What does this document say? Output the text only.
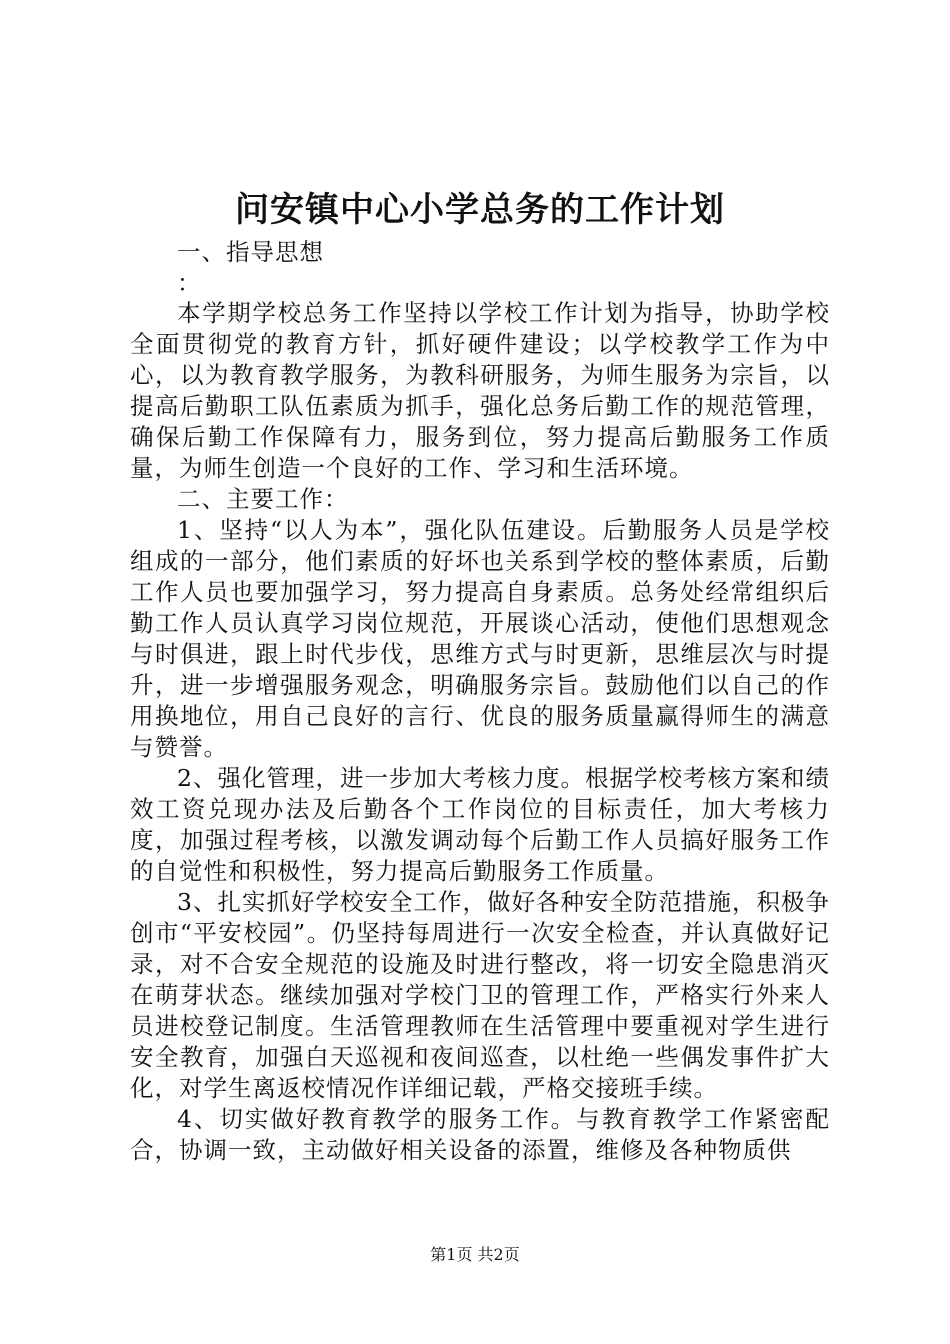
问安镇中心小学总务的工作计划

一、指导思想

：

本学期学校总务工作坚持以学校工作计划为指导，协助学校全面贯彻党的教育方针，抓好硬件建设；以学校教学工作为中心，以为教育教学服务，为教科研服务，为师生服务为宗旨，以提高后勤职工队伍素质为抓手，强化总务后勤工作的规范管理，确保后勤工作保障有力，服务到位，努力提高后勤服务工作质量，为师生创造一个良好的工作、学习和生活环境。

二、主要工作：

1、坚持“以人为本”，强化队伍建设。后勤服务人员是学校组成的一部分，他们素质的好坏也关系到学校的整体素质，后勤工作人员也要加强学习，努力提高自身素质。总务处经常组织后勤工作人员认真学习岗位规范，开展谈心活动，使他们思想观念与时俱进，跟上时代步伐，思维方式与时更新，思维层次与时提升，进一步增强服务观念，明确服务宗旨。鼓励他们以自己的作用换地位，用自己良好的言行、优良的服务质量赢得师生的满意与赞誉。

2、强化管理，进一步加大考核力度。根据学校考核方案和绩效工资兑现办法及后勤各个工作岗位的目标责任，加大考核力度，加强过程考核，以激发调动每个后勤工作人员搞好服务工作的自觉性和积极性，努力提高后勤服务工作质量。

3、扎实抓好学校安全工作，做好各种安全防范措施，积极争创市“平安校园”。仍坚持每周进行一次安全检查，并认真做好记录，对不合安全规范的设施及时进行整改，将一切安全隐患消灭在萌芽状态。继续加强对学校门卫的管理工作，严格实行外来人员进校登记制度。生活管理教师在生活管理中要重视对学生进行安全教育，加强白天巡视和夜间巡查，以杜绝一些偶发事件扩大化，对学生离返校情况作详细记载，严格交接班手续。

4、切实做好教育教学的服务工作。与教育教学工作紧密配合，协调一致，主动做好相关设备的添置，维修及各种物质供

第1页 共2页
